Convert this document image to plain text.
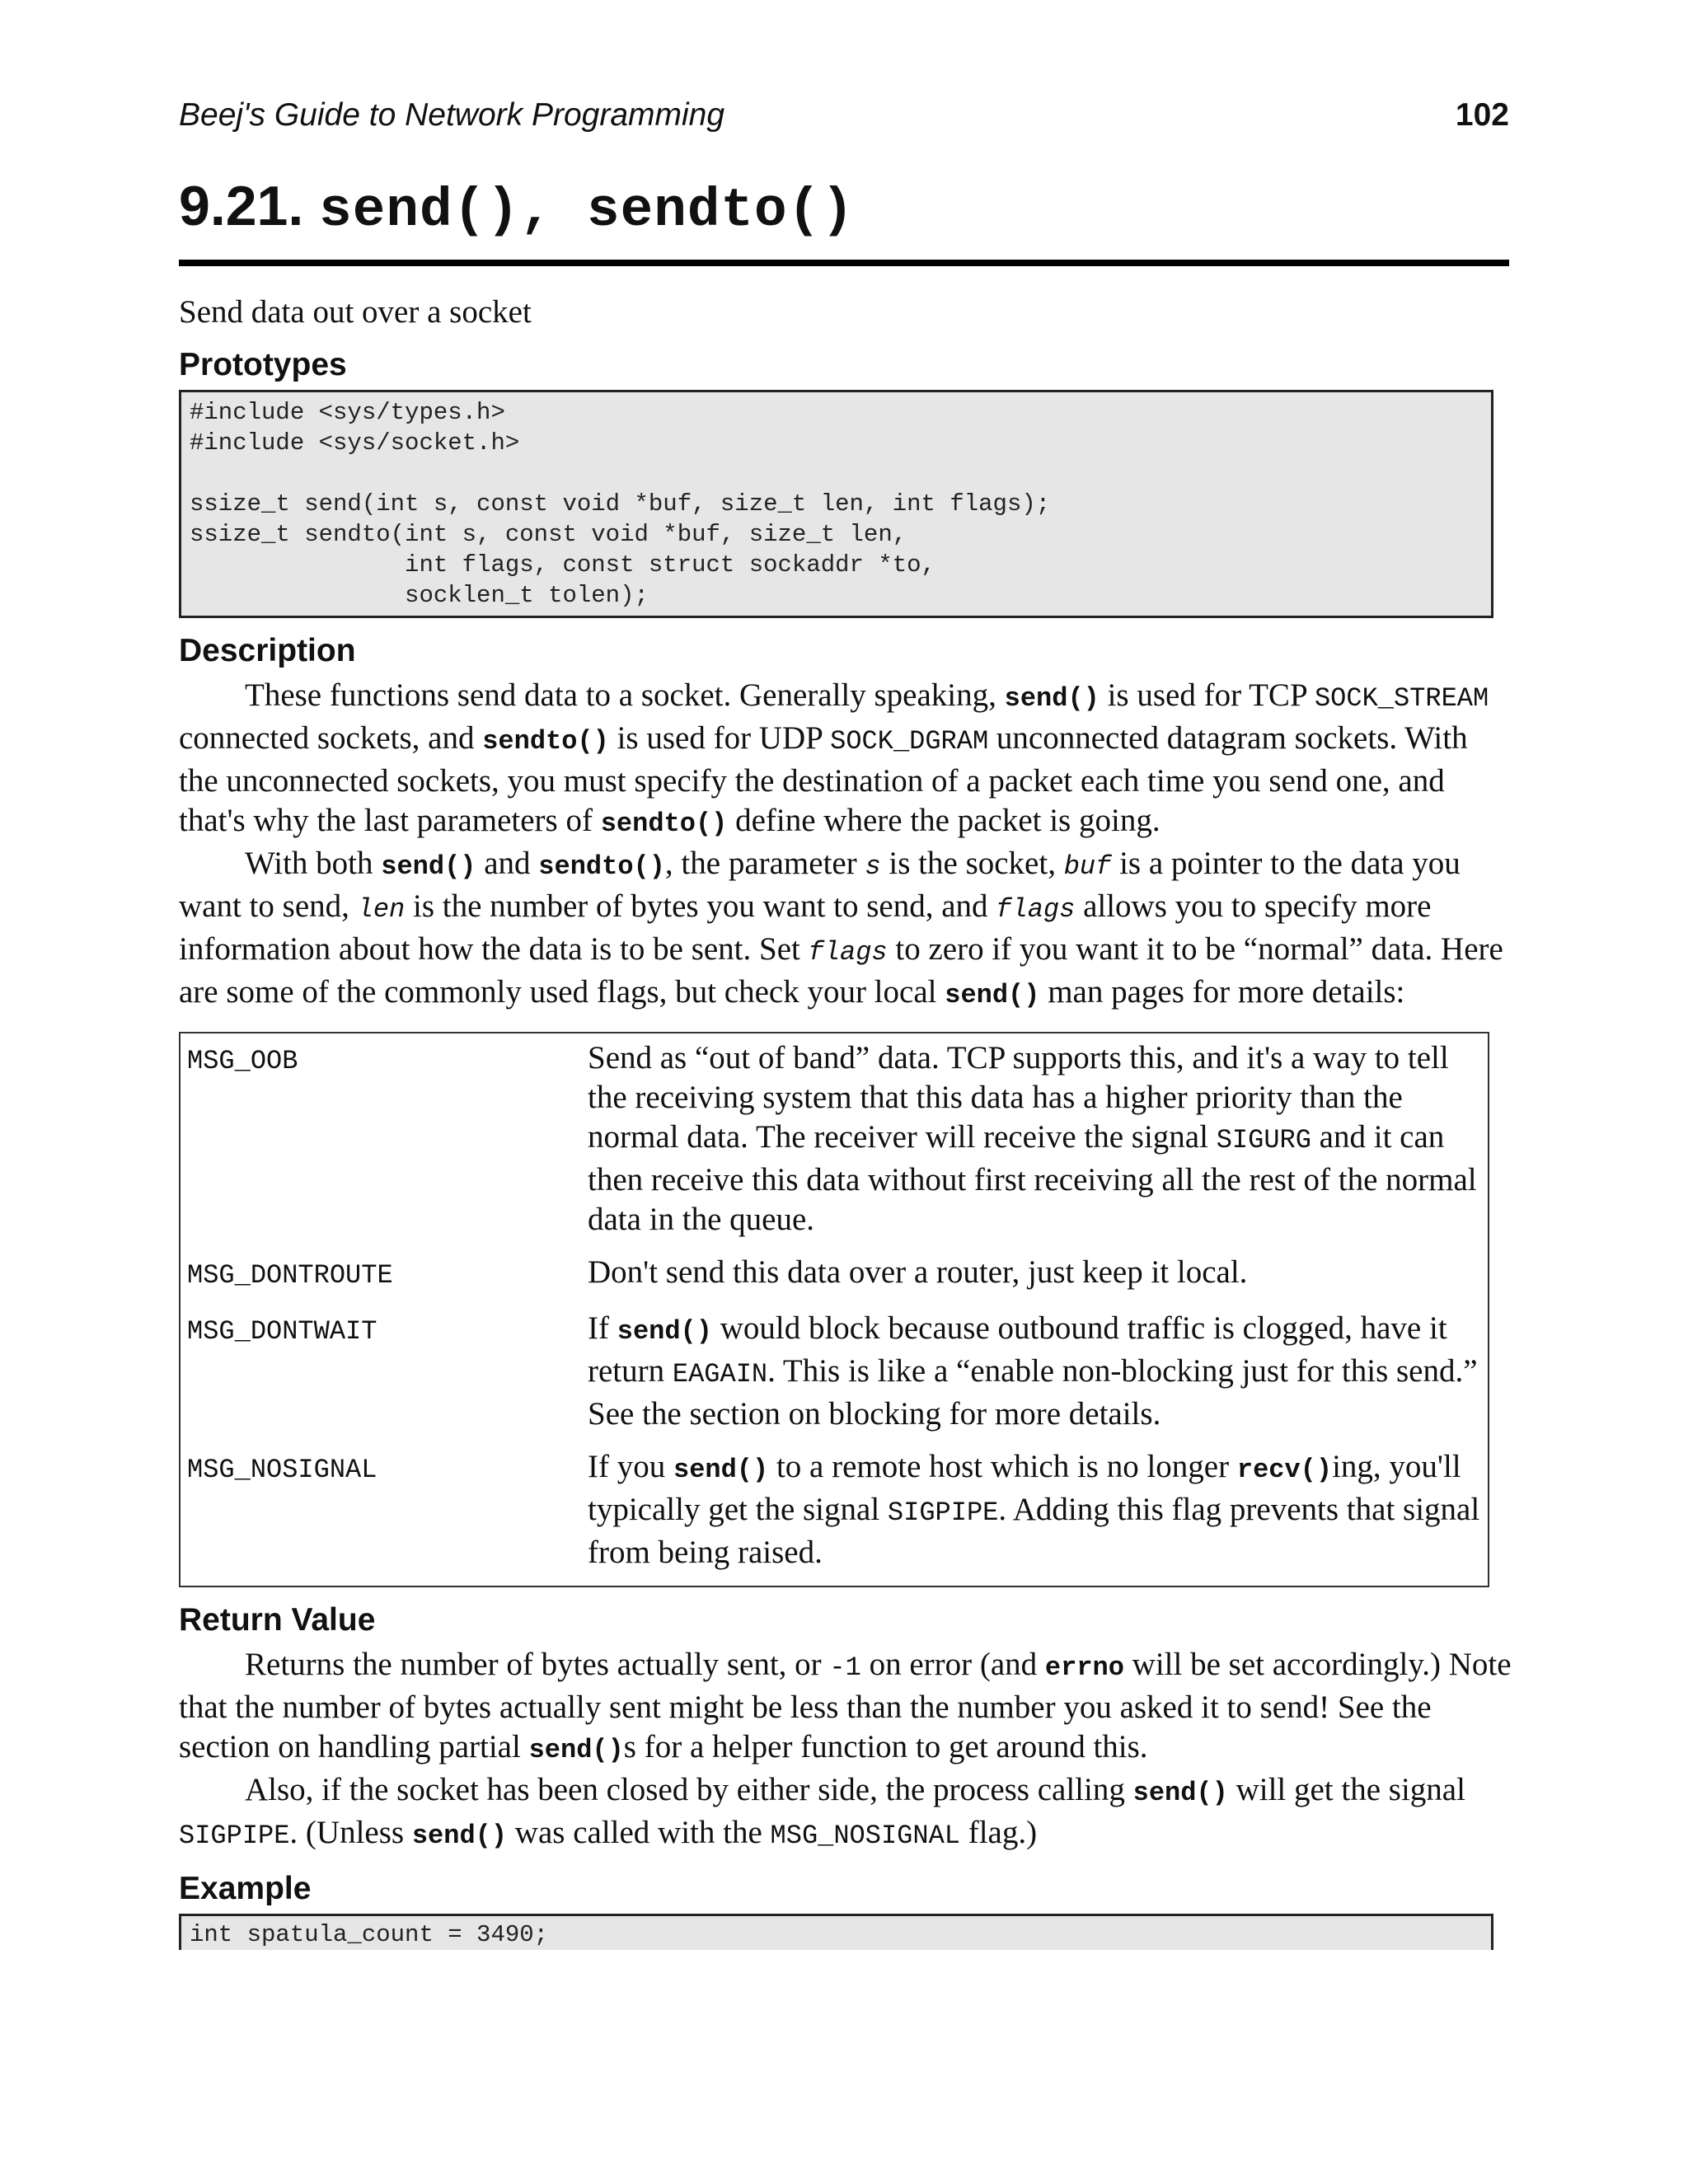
Beej's Guide to Network Programming	102
9.21. send(), sendto()

Send data out over a socket

Prototypes
#include <sys/types.h>
#include <sys/socket.h>

ssize_t send(int s, const void *buf, size_t len, int flags);
ssize_t sendto(int s, const void *buf, size_t len,
int flags, const struct sockaddr *to,
socklen_t tolen);
Description

These functions send data to a socket. Generally speaking, send() is used for TCP SOCK_STREAM connected sockets, and sendto() is used for UDP SOCK_DGRAM unconnected datagram sockets. With the unconnected sockets, you must specify the destination of a packet each time you send one, and that's why the last parameters of sendto() define where the packet is going.

With both send() and sendto(), the parameter s is the socket, buf is a pointer to the data you want to send, len is the number of bytes you want to send, and flags allows you to specify more information about how the data is to be sent. Set flags to zero if you want it to be “normal” data. Here are some of the commonly used flags, but check your local send() man pages for more details:

MSG_OOB	Send as “out of band” data. TCP supports this, and it's a way to tell the receiving system that this data has a higher priority than the normal data. The receiver will receive the signal SIGURG and it can then receive this data without first receiving all the rest of the normal data in the queue.
MSG_DONTROUTE	Don't send this data over a router, just keep it local.
MSG_DONTWAIT	If send() would block because outbound traffic is clogged, have it return EAGAIN. This is like a “enable non-blocking just for this send.” See the section on blocking for more details.
MSG_NOSIGNAL	If you send() to a remote host which is no longer recv()ing, you'll typically get the signal SIGPIPE. Adding this flag prevents that signal from being raised.
Return Value

Returns the number of bytes actually sent, or -1 on error (and errno will be set accordingly.) Note that the number of bytes actually sent might be less than the number you asked it to send! See the section on handling partial send()s for a helper function to get around this.

Also, if the socket has been closed by either side, the process calling send() will get the signal SIGPIPE. (Unless send() was called with the MSG_NOSIGNAL flag.)

Example
int spatula_count = 3490;
